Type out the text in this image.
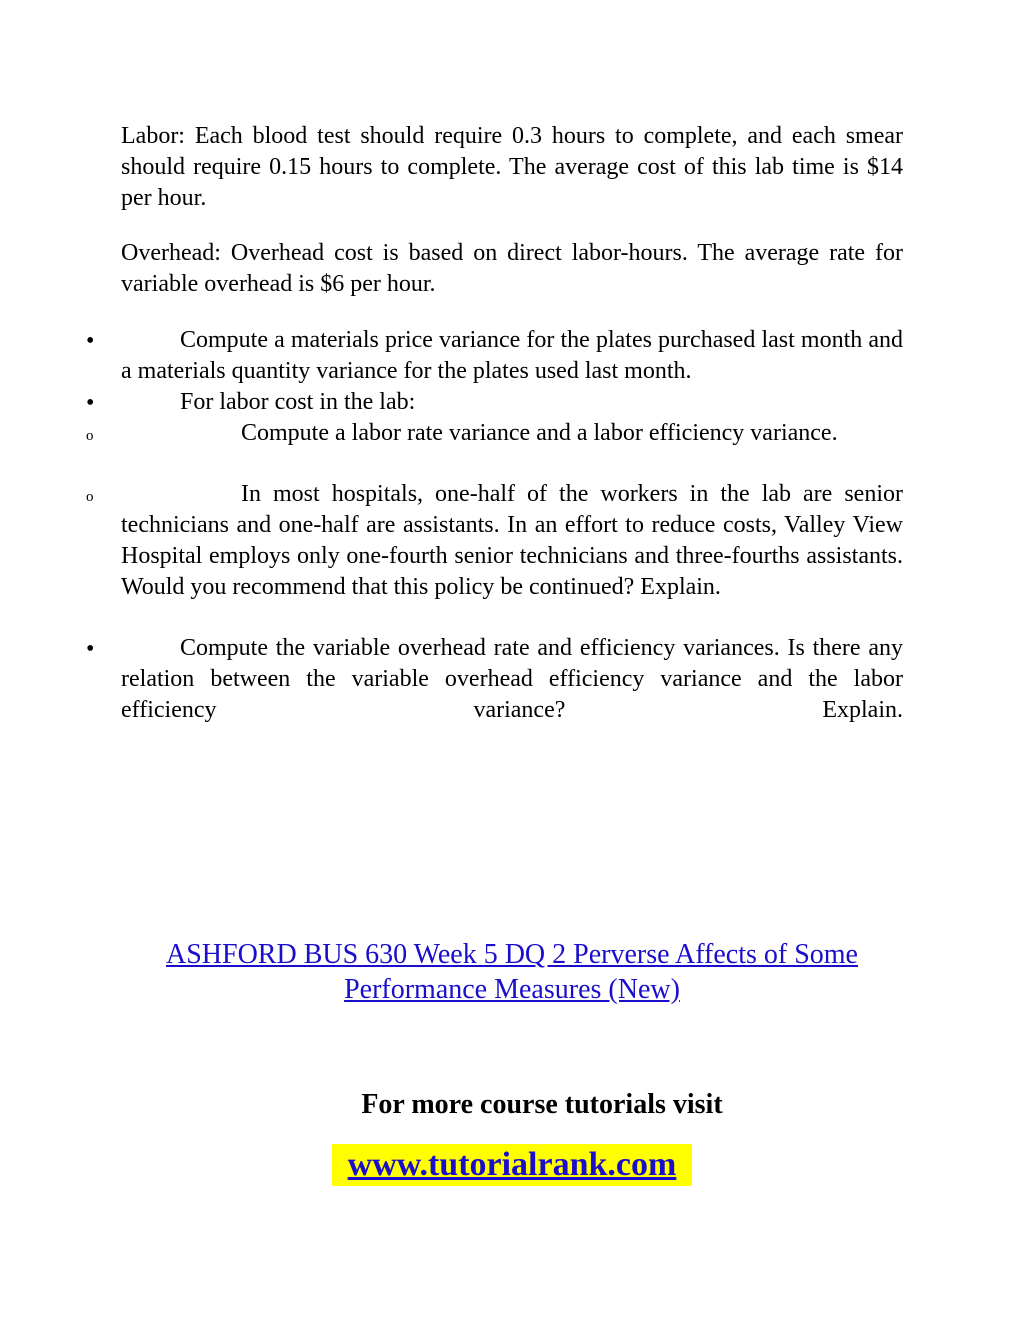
Labor: Each blood test should require 0.3 hours to complete, and each smear should require 0.15 hours to complete. The average cost of this lab time is $14 per hour.

Overhead: Overhead cost is based on direct labor-hours. The average rate for variable overhead is $6 per hour.

•	Compute a materials price variance for the plates purchased last month and a materials quantity variance for the plates used last month.

•	For labor cost in the lab:

o	Compute a labor rate variance and a labor efficiency variance.

o	In most hospitals, one-half of the workers in the lab are senior technicians and one-half are assistants. In an effort to reduce costs, Valley View Hospital employs only one-fourth senior technicians and three-fourths assistants. Would you recommend that this policy be continued? Explain.

•	Compute the variable overhead rate and efficiency variances. Is there any relation between the variable overhead efficiency variance and the labor efficiency variance? Explain.

ASHFORD BUS 630 Week 5 DQ 2 Perverse Affects of Some Performance Measures (New)
For more course tutorials visit
www.tutorialrank.com
